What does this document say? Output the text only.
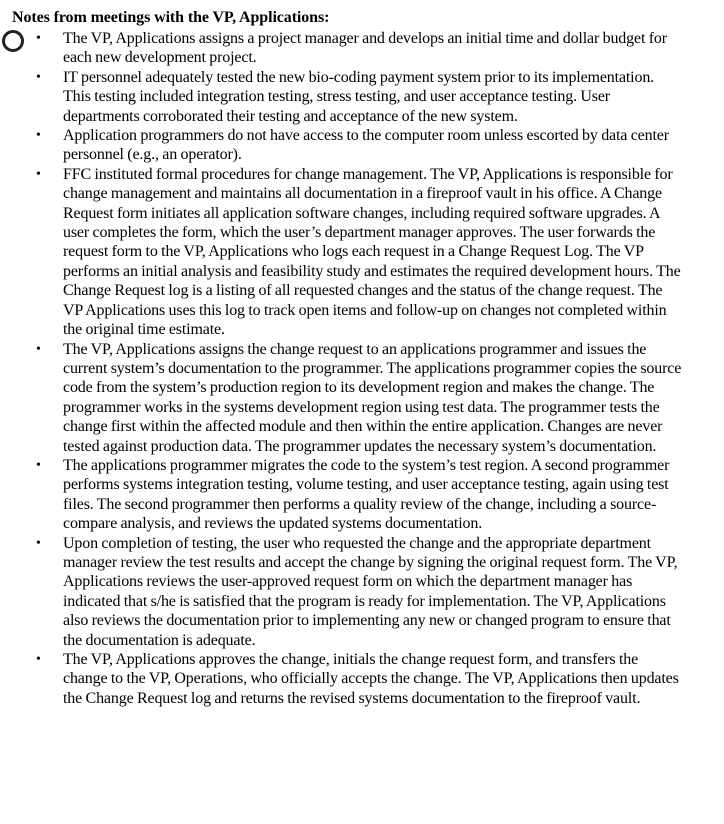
Notes from meetings with the VP, Applications:
• The VP, Applications assigns a project manager and develops an initial time and dollar budget for each new development project.
• IT personnel adequately tested the new bio-coding payment system prior to its implementation. This testing included integration testing, stress testing, and user acceptance testing. User departments corroborated their testing and acceptance of the new system.
• Application programmers do not have access to the computer room unless escorted by data center personnel (e.g., an operator).
• FFC instituted formal procedures for change management. The VP, Applications is responsible for change management and maintains all documentation in a fireproof vault in his office. A Change Request form initiates all application software changes, including required software upgrades. A user completes the form, which the user’s department manager approves. The user forwards the request form to the VP, Applications who logs each request in a Change Request Log. The VP performs an initial analysis and feasibility study and estimates the required development hours. The Change Request log is a listing of all requested changes and the status of the change request. The VP Applications uses this log to track open items and follow-up on changes not completed within the original time estimate.
• The VP, Applications assigns the change request to an applications programmer and issues the current system’s documentation to the programmer. The applications programmer copies the source code from the system’s production region to its development region and makes the change. The programmer works in the systems development region using test data. The programmer tests the change first within the affected module and then within the entire application. Changes are never tested against production data. The programmer updates the necessary system’s documentation.
• The applications programmer migrates the code to the system’s test region. A second programmer performs systems integration testing, volume testing, and user acceptance testing, again using test files. The second programmer then performs a quality review of the change, including a source-compare analysis, and reviews the updated systems documentation.
• Upon completion of testing, the user who requested the change and the appropriate department manager review the test results and accept the change by signing the original request form. The VP, Applications reviews the user-approved request form on which the department manager has indicated that s/he is satisfied that the program is ready for implementation. The VP, Applications also reviews the documentation prior to implementing any new or changed program to ensure that the documentation is adequate.
• The VP, Applications approves the change, initials the change request form, and transfers the change to the VP, Operations, who officially accepts the change. The VP, Applications then updates the Change Request log and returns the revised systems documentation to the fireproof vault.
